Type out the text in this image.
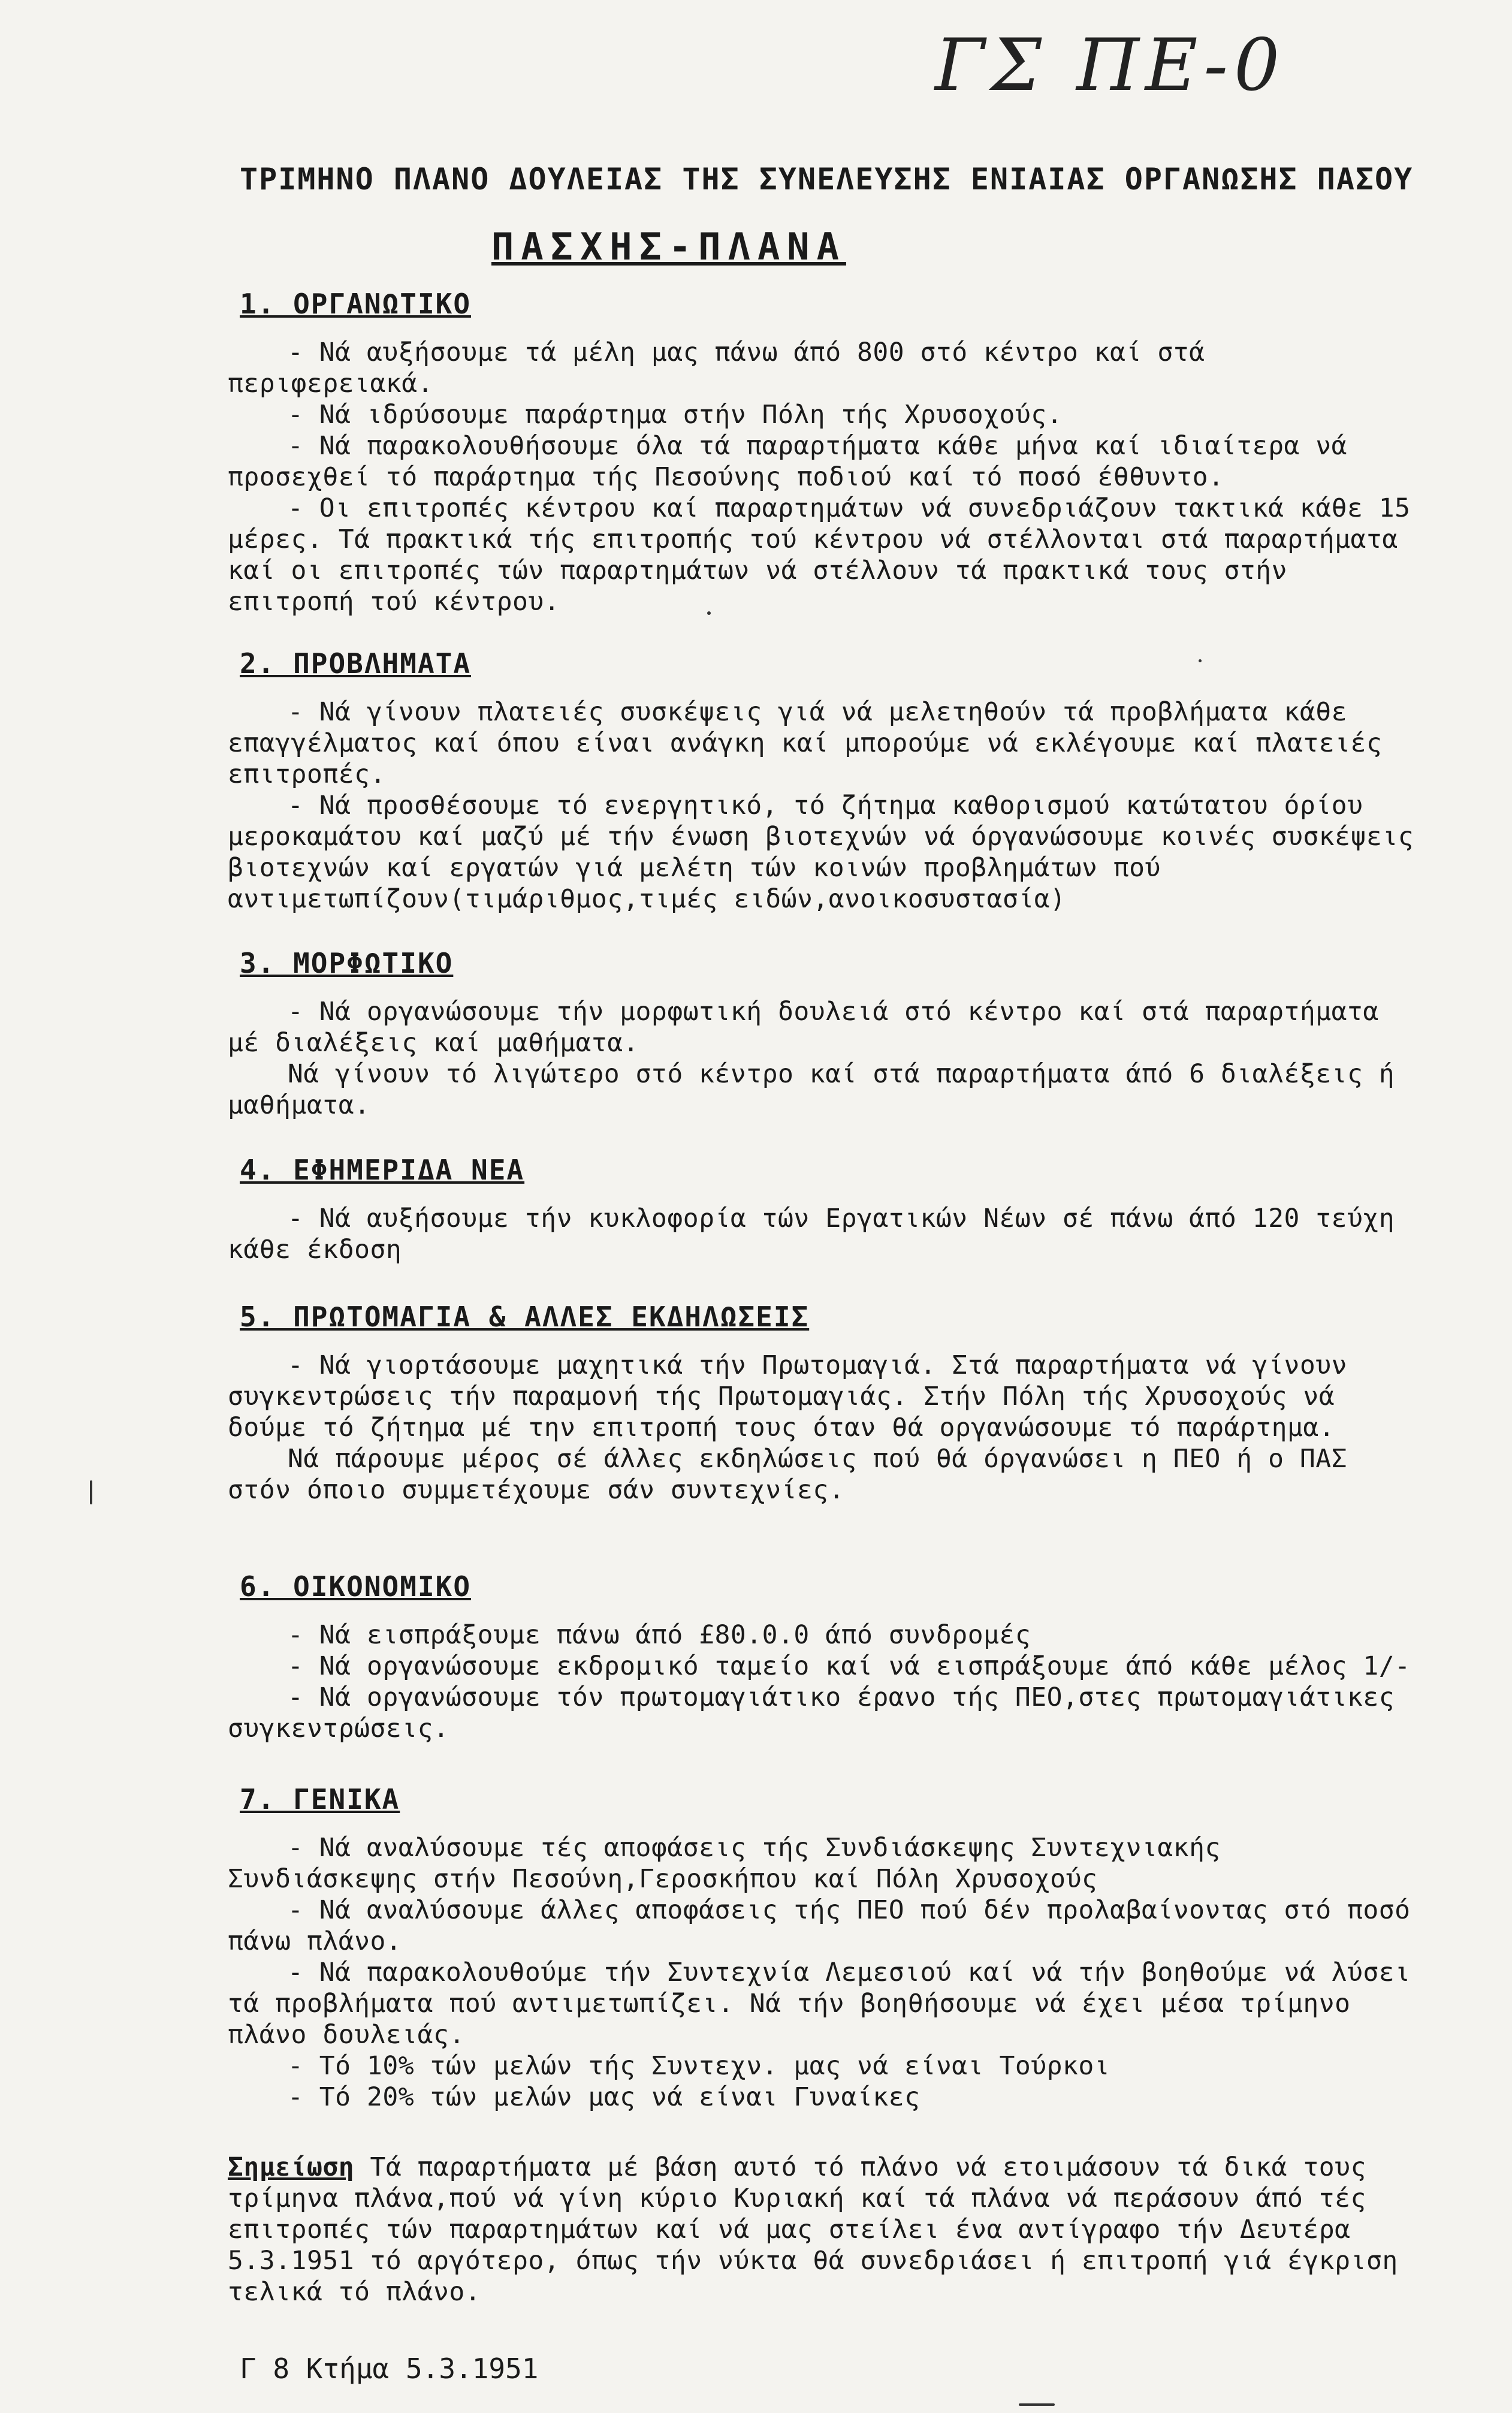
ΓΣ ΠΕ-0
ΤΡΙΜΗΝΟ ΠΛΑΝΟ ΔΟΥΛΕΙΑΣ ΤΗΣ ΣΥΝΕΛΕΥΣΗΣ ΕΝΙΑΙΑΣ ΟΡΓΑΝΩΣΗΣ ΠΑΣΟΥ
ΠΑΣΧΗΣ-ΠΛΑΝΑ
1. ΟΡΓΑΝΩΤΙΚΟ

- Νά αυξήσουμε τά μέλη μας πάνω άπό 800 στό κέντρο καί στά περιφερειακά.

- Νά ιδρύσουμε παράρτημα στήν Πόλη τής Χρυσοχούς.

- Νά παρακολουθήσουμε όλα τά παραρτήματα κάθε μήνα καί ιδιαίτερα νά προσεχθεί τό παράρτημα τής Πεσούνης ποδιού καί τό ποσό έθθυντο.

- Οι επιτροπές κέντρου καί παραρτημάτων νά συνεδριάζουν τακτικά κάθε 15 μέρες. Τά πρακτικά τής επιτροπής τού κέντρου νά στέλλονται στά παραρτήματα καί οι επιτροπές τών παραρτημάτων νά στέλλουν τά πρακτικά τους στήν επιτροπή τού κέντρου.

2. ΠΡΟΒΛΗΜΑΤΑ

- Νά γίνουν πλατειές συσκέψεις γιά νά μελετηθούν τά προβλήματα κάθε επαγγέλματος καί όπου είναι ανάγκη καί μπορούμε νά εκλέγουμε καί πλατειές επιτροπές.

- Νά προσθέσουμε τό ενεργητικό, τό ζήτημα καθορισμού κατώτατου όρίου μεροκαμάτου καί μαζύ μέ τήν ένωση βιοτεχνών νά όργανώσουμε κοινές συσκέψεις βιοτεχνών καί εργατών γιά μελέτη τών κοινών προβλημάτων πού αντιμετωπίζουν(τιμάριθμος,τιμές ειδών,ανοικοσυστασία)

3. ΜΟΡΦΩΤΙΚΟ

- Νά οργανώσουμε τήν μορφωτική δουλειά στό κέντρο καί στά παραρτήματα μέ διαλέξεις καί μαθήματα.

Νά γίνουν τό λιγώτερο στό κέντρο καί στά παραρτήματα άπό 6 διαλέξεις ή μαθήματα.

4. ΕΦΗΜΕΡΙΔΑ ΝΕΑ

- Νά αυξήσουμε τήν κυκλοφορία τών Εργατικών Νέων σέ πάνω άπό 120 τεύχη κάθε έκδοση

5. ΠΡΩΤΟΜΑΓΙΑ & ΑΛΛΕΣ ΕΚΔΗΛΩΣΕΙΣ

- Νά γιορτάσουμε μαχητικά τήν Πρωτομαγιά. Στά παραρτήματα νά γίνουν συγκεντρώσεις τήν παραμονή τής Πρωτομαγιάς. Στήν Πόλη τής Χρυσοχούς νά δούμε τό ζήτημα μέ την επιτροπή τους όταν θά οργανώσουμε τό παράρτημα.

Νά πάρουμε μέρος σέ άλλες εκδηλώσεις πού θά όργανώσει η ΠΕΟ ή ο ΠΑΣ στόν όποιο συμμετέχουμε σάν συντεχνίες.

6. ΟΙΚΟΝΟΜΙΚΟ

- Νά εισπράξουμε πάνω άπό £80.0.0 άπό συνδρομές

- Νά οργανώσουμε εκδρομικό ταμείο καί νά εισπράξουμε άπό κάθε μέλος 1/-

- Νά οργανώσουμε τόν πρωτομαγιάτικο έρανο τής ΠΕΟ,στες πρωτομαγιάτικες συγκεντρώσεις.

7. ΓΕΝΙΚΑ

- Νά αναλύσουμε τές αποφάσεις τής Συνδιάσκεψης Συντεχνιακής Συνδιάσκεψης στήν Πεσούνη,Γεροσκήπου καί Πόλη Χρυσοχούς

- Νά αναλύσουμε άλλες αποφάσεις τής ΠΕΟ πού δέν προλαβαίνοντας στό ποσό πάνω πλάνο.

- Νά παρακολουθούμε τήν Συντεχνία Λεμεσιού καί νά τήν βοηθούμε νά λύσει τά προβλήματα πού αντιμετωπίζει. Νά τήν βοηθήσουμε νά έχει μέσα τρίμηνο πλάνο δουλειάς.

- Τό 10% τών μελών τής Συντεχν. μας νά είναι Τούρκοι

- Τό 20% τών μελών μας νά είναι Γυναίκες

Σημείωση Τά παραρτήματα μέ βάση αυτό τό πλάνο νά ετοιμάσουν τά δικά τους τρίμηνα πλάνα,πού νά γίνη κύριο Κυριακή καί τά πλάνα νά περάσουν άπό τές επιτροπές τών παραρτημάτων καί νά μας στείλει ένα αντίγραφο τήν Δευτέρα 5.3.1951 τό αργότερο, όπως τήν νύκτα θά συνεδριάσει ή επιτροπή γιά έγκριση τελικά τό πλάνο.

Γ 8 Κτήμα 5.3.1951
